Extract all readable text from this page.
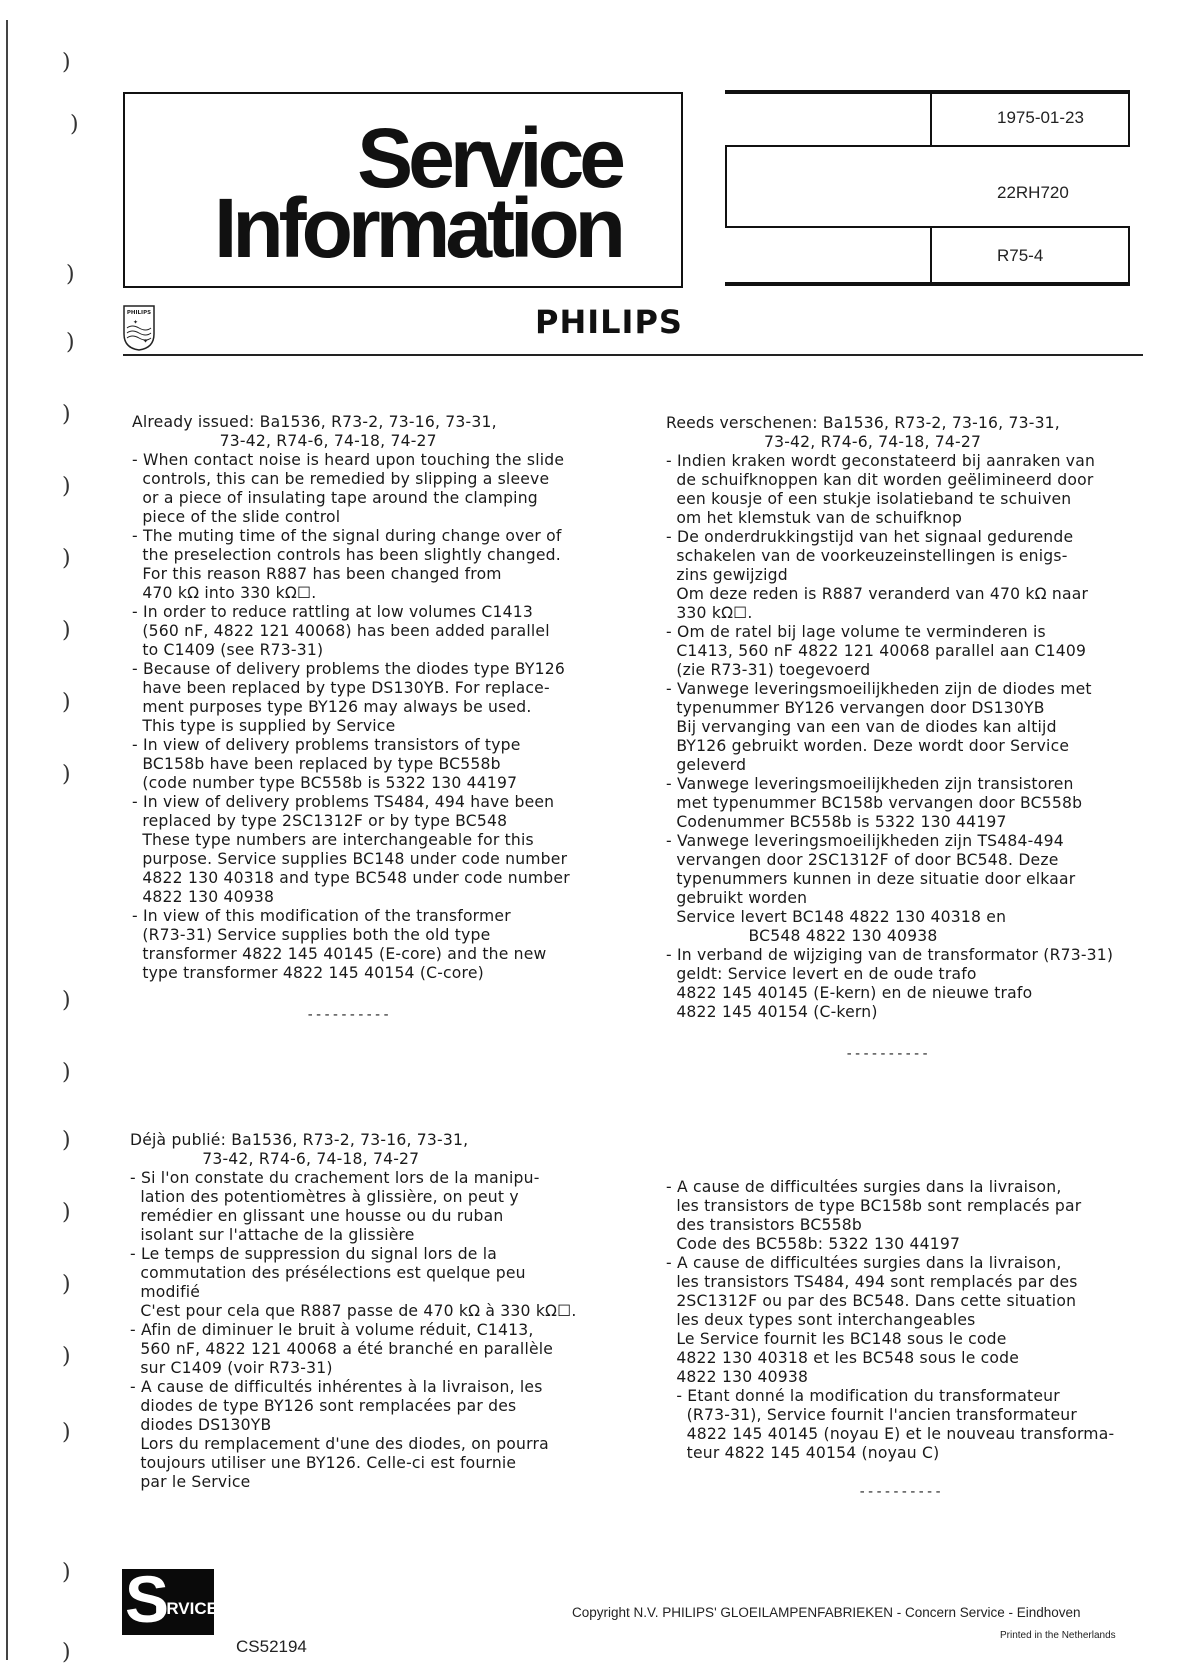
)
)
)
)
)
)
)
)
)
)
)
)
)
)
)
)
)
)
)
Service
Information
1975-01-23
22RH720
R75-4
PHILIPS
✦
✦
PHILIPS
Already issued: Ba1536, R73-2, 73-16, 73-31,
73-42, R74-6, 74-18, 74-27
- When contact noise is heard upon touching the slide
controls, this can be remedied by slipping a sleeve
or a piece of insulating tape around the clamping
piece of the slide control
- The muting time of the signal during change over of
the preselection controls has been slightly changed.
For this reason R887 has been changed from
470 kΩ into 330 kΩ☐.
- In order to reduce rattling at low volumes C1413
(560 nF, 4822 121 40068) has been added parallel
to C1409 (see R73-31)
- Because of delivery problems the diodes type BY126
have been replaced by type DS130YB. For replace-
ment purposes type BY126 may always be used.
This type is supplied by Service
- In view of delivery problems transistors of type
BC158b have been replaced by type BC558b
(code number type BC558b is 5322 130 44197
- In view of delivery problems TS484, 494 have been
replaced by type 2SC1312F or by type BC548
These type numbers are interchangeable for this
purpose. Service supplies BC148 under code number
4822 130 40318 and type BC548 under code number
4822 130 40938
- In view of this modification of the transformer
(R73-31) Service supplies both the old type
transformer 4822 145 40145 (E-core) and the new
type transformer 4822 145 40154 (C-core)
----------
Reeds verschenen: Ba1536, R73-2, 73-16, 73-31,
73-42, R74-6, 74-18, 74-27
- Indien kraken wordt geconstateerd bij aanraken van
de schuifknoppen kan dit worden geëlimineerd door
een kousje of een stukje isolatieband te schuiven
om het klemstuk van de schuifknop
- De onderdrukkingstijd van het signaal gedurende
schakelen van de voorkeuzeinstellingen is enigs-
zins gewijzigd
Om deze reden is R887 veranderd van 470 kΩ naar
330 kΩ☐.
- Om de ratel bij lage volume te verminderen is
C1413, 560 nF 4822 121 40068 parallel aan C1409
(zie R73-31) toegevoerd
- Vanwege leveringsmoeilijkheden zijn de diodes met
typenummer BY126 vervangen door DS130YB
Bij vervanging van een van de diodes kan altijd
BY126 gebruikt worden. Deze wordt door Service
geleverd
- Vanwege leveringsmoeilijkheden zijn transistoren
met typenummer BC158b vervangen door BC558b
Codenummer BC558b is 5322 130 44197
- Vanwege leveringsmoeilijkheden zijn TS484-494
vervangen door 2SC1312F of door BC548. Deze
typenummers kunnen in deze situatie door elkaar
gebruikt worden
Service levert BC148 4822 130 40318 en
BC548 4822 130 40938
- In verband de wijziging van de transformator (R73-31)
geldt: Service levert en de oude trafo
4822 145 40145 (E-kern) en de nieuwe trafo
4822 145 40154 (C-kern)
----------
Déjà publié: Ba1536, R73-2, 73-16, 73-31,
73-42, R74-6, 74-18, 74-27
- Si l'on constate du crachement lors de la manipu-
lation des potentiomètres à glissière, on peut y
remédier en glissant une housse ou du ruban
isolant sur l'attache de la glissière
- Le temps de suppression du signal lors de la
commutation des présélections est quelque peu
modifié
C'est pour cela que R887 passe de 470 kΩ à 330 kΩ☐.
- Afin de diminuer le bruit à volume réduit, C1413,
560 nF, 4822 121 40068 a été branché en parallèle
sur C1409 (voir R73-31)
- A cause de difficultés inhérentes à la livraison, les
diodes de type BY126 sont remplacées par des
diodes DS130YB
Lors du remplacement d'une des diodes, on pourra
toujours utiliser une BY126. Celle-ci est fournie
par le Service
- A cause de difficultées surgies dans la livraison,
les transistors de type BC158b sont remplacés par
des transistors BC558b
Code des BC558b: 5322 130 44197
- A cause de difficultées surgies dans la livraison,
les transistors TS484, 494 sont remplacés par des
2SC1312F ou par des BC548. Dans cette situation
les deux types sont interchangeables
Le Service fournit les BC148 sous le code
4822 130 40318 et les BC548 sous le code
4822 130 40938
- Etant donné la modification du transformateur
(R73-31), Service fournit l'ancien transformateur
4822 145 40145 (noyau E) et le nouveau transforma-
teur 4822 145 40154 (noyau C)
----------
S
ERVICE
CS52194
Copyright N.V. PHILIPS' GLOEILAMPENFABRIEKEN - Concern Service - Eindhoven
Printed in the Netherlands
